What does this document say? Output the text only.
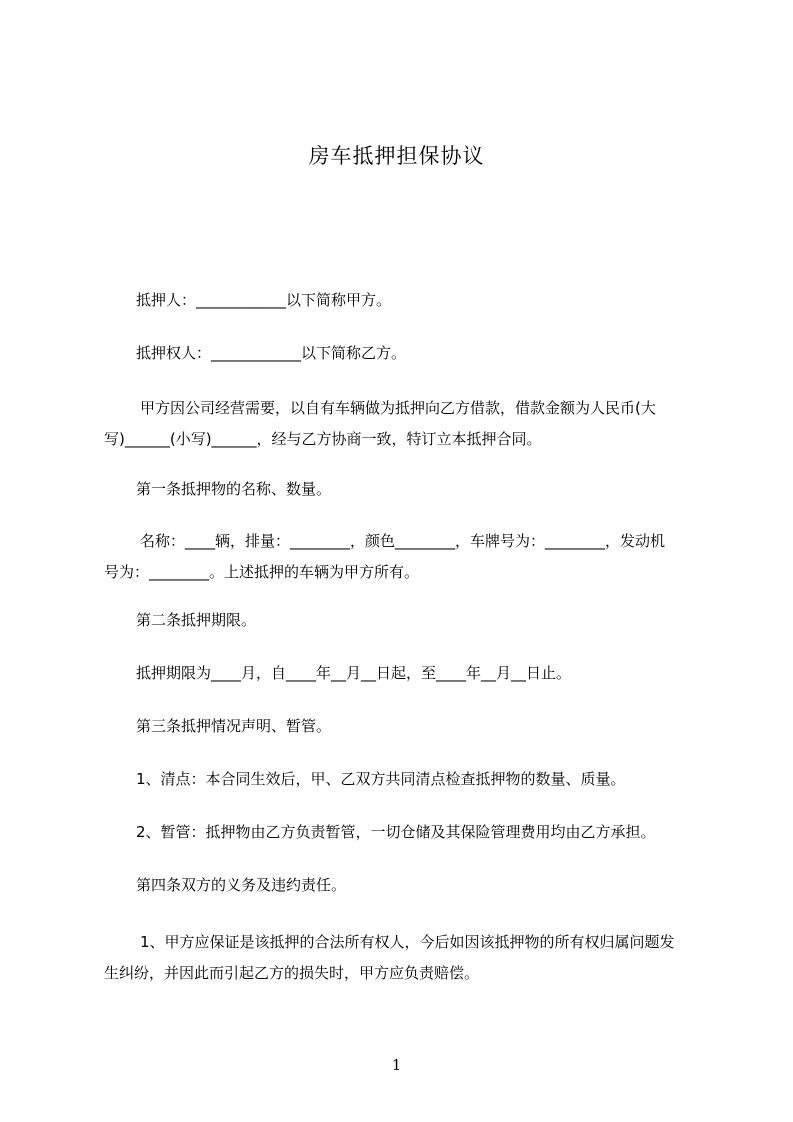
房车抵押担保协议
抵押人：____________以下简称甲方。
抵押权人：____________以下简称乙方。
甲方因公司经营需要，以自有车辆做为抵押向乙方借款，借款金额为人民币(大
写)______(小写)______，经与乙方协商一致，特订立本抵押合同。
第一条抵押物的名称、数量。
名称：____辆，排量：________，颜色________，车牌号为：________，发动机
号为：________。上述抵押的车辆为甲方所有。
第二条抵押期限。
抵押期限为____月，自____年__月__日起，至____年__月__日止。
第三条抵押情况声明、暂管。
1、清点：本合同生效后，甲、乙双方共同清点检查抵押物的数量、质量。
2、暂管：抵押物由乙方负责暂管，一切仓储及其保险管理费用均由乙方承担。
第四条双方的义务及违约责任。
1、甲方应保证是该抵押的合法所有权人，今后如因该抵押物的所有权归属问题发
生纠纷，并因此而引起乙方的损失时，甲方应负责赔偿。
1
